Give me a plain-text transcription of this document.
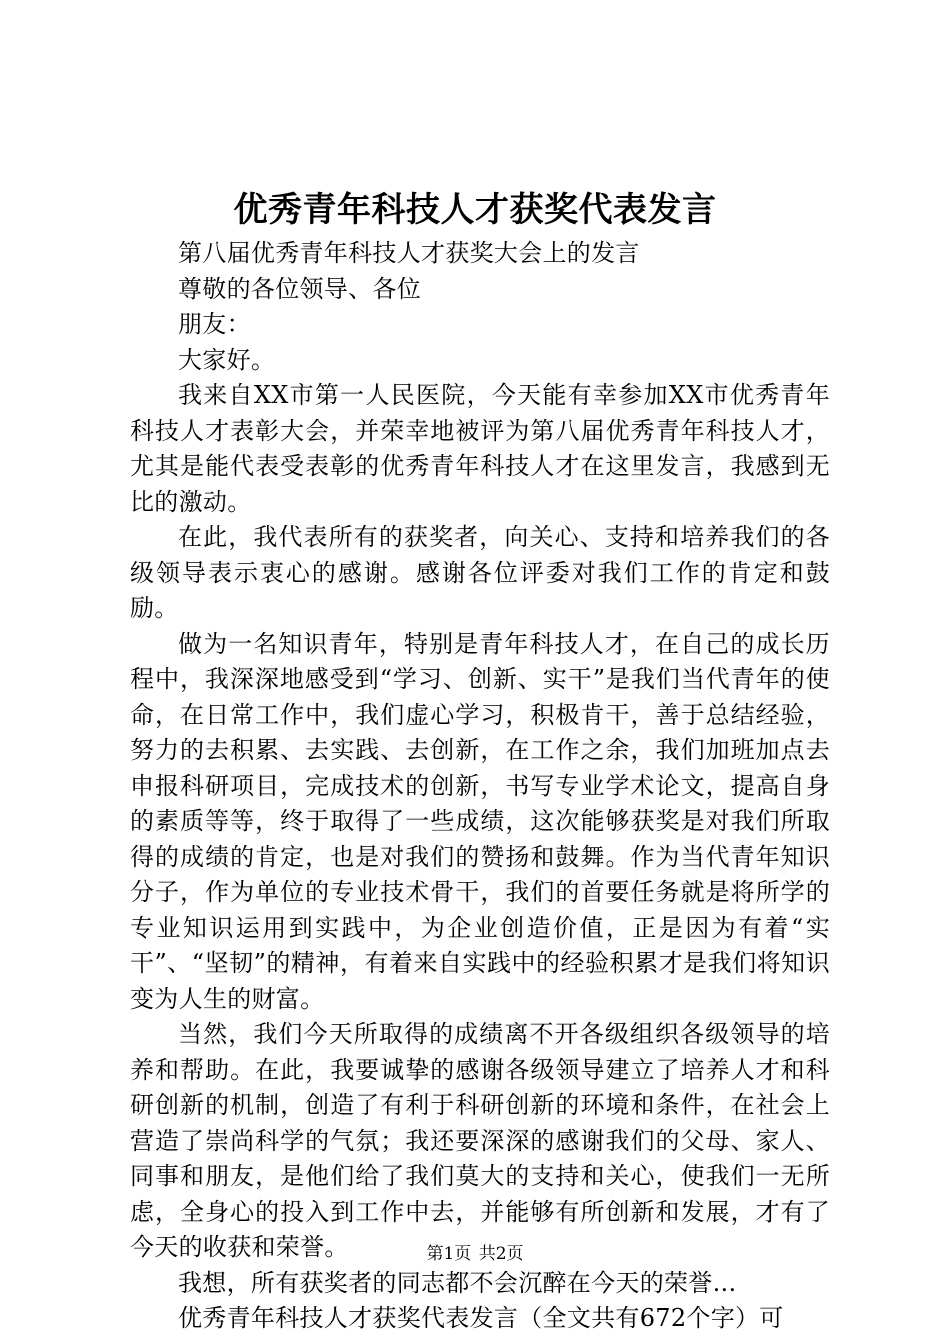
优秀青年科技人才获奖代表发言

第八届优秀青年科技人才获奖大会上的发言

尊敬的各位领导、各位

朋友：

大家好。

我来自XX市第一人民医院，今天能有幸参加XX市优秀青年科技人才表彰大会，并荣幸地被评为第八届优秀青年科技人才，尤其是能代表受表彰的优秀青年科技人才在这里发言，我感到无比的激动。

在此，我代表所有的获奖者，向关心、支持和培养我们的各级领导表示衷心的感谢。感谢各位评委对我们工作的肯定和鼓励。

做为一名知识青年，特别是青年科技人才，在自己的成长历程中，我深深地感受到“学习、创新、实干”是我们当代青年的使命，在日常工作中，我们虚心学习，积极肯干，善于总结经验，努力的去积累、去实践、去创新，在工作之余，我们加班加点去申报科研项目，完成技术的创新，书写专业学术论文，提高自身的素质等等，终于取得了一些成绩，这次能够获奖是对我们所取得的成绩的肯定，也是对我们的赞扬和鼓舞。作为当代青年知识分子，作为单位的专业技术骨干，我们的首要任务就是将所学的专业知识运用到实践中，为企业创造价值，正是因为有着“实干”、“坚韧”的精神，有着来自实践中的经验积累才是我们将知识变为人生的财富。

当然，我们今天所取得的成绩离不开各级组织各级领导的培养和帮助。在此，我要诚挚的感谢各级领导建立了培养人才和科研创新的机制，创造了有利于科研创新的环境和条件，在社会上营造了崇尚科学的气氛；我还要深深的感谢我们的父母、家人、同事和朋友，是他们给了我们莫大的支持和关心，使我们一无所虑，全身心的投入到工作中去，并能够有所创新和发展，才有了今天的收获和荣誉。

我想，所有获奖者的同志都不会沉醉在今天的荣誉...

优秀青年科技人才获奖代表发言（全文共有672个字）可

第1页 共2页
